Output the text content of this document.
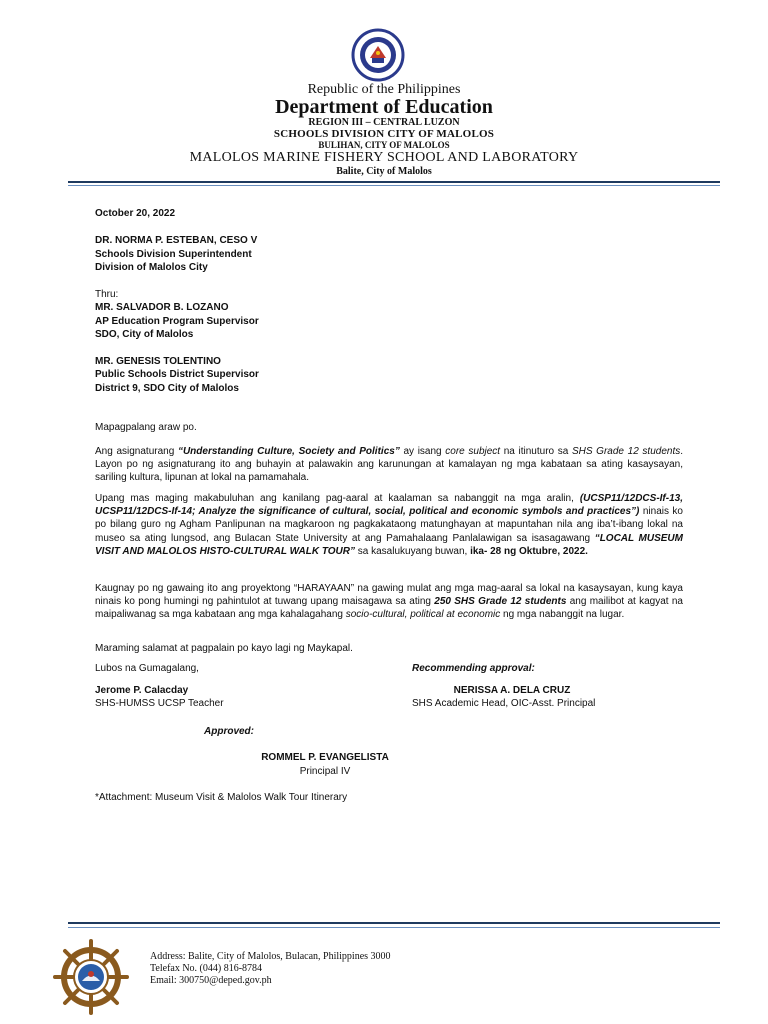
Republic of the Philippines
Department of Education
REGION III – CENTRAL LUZON
SCHOOLS DIVISION CITY OF MALOLOS
BULIHAN, CITY OF MALOLOS
MALOLOS MARINE FISHERY SCHOOL AND LABORATORY
Balite, City of Malolos
October 20, 2022
DR. NORMA P. ESTEBAN, CESO V
Schools Division Superintendent
Division of Malolos City
Thru:
MR. SALVADOR B. LOZANO
AP Education Program Supervisor
SDO, City of Malolos
MR. GENESIS TOLENTINO
Public Schools District Supervisor
District 9, SDO City of Malolos
Mapagpalang araw po.
Ang asignaturang “Understanding Culture, Society and Politics” ay isang core subject na itinuturo sa SHS Grade 12 students. Layon po ng asignaturang ito ang buhayin at palawakin ang karunungan at kamalayan ng mga kabataan sa ating kasaysayan, sariling kultura, lipunan at lokal na pamamahala.
Upang mas maging makabuluhan ang kanilang pag-aaral at kaalaman sa nabanggit na mga aralin, (UCSP11/12DCS-If-13, UCSP11/12DCS-If-14; Analyze the significance of cultural, social, political and economic symbols and practices”) ninais ko po bilang guro ng Agham Panlipunan na magkaroon ng pagkakataong matunghayan at mapuntahan nila ang iba’t-ibang lokal na museo sa ating lungsod, ang Bulacan State University at ang Pamahalaang Panlalawigan sa isasagawang “LOCAL MUSEUM VISIT AND MALOLOS HISTO-CULTURAL WALK TOUR” sa kasalukuyang buwan, ika- 28 ng Oktubre, 2022.
Kaugnay po ng gawaing ito ang proyektong “HARAYAAN” na gawing mulat ang mga mag-aaral sa lokal na kasaysayan, kung kaya ninais ko pong humingi ng pahintulot at tuwang upang maisagawa sa ating 250 SHS Grade 12 students ang mailibot at kagyat na maipaliwanag sa mga kabataan ang mga kahalagahang socio-cultural, political at economic ng mga nabanggit na lugar.
Maraming salamat at pagpalain po kayo lagi ng Maykapal.
Lubos na Gumagalang,	Recommending approval:
Jerome P. Calacday
SHS-HUMSS UCSP Teacher
NERISSA A. DELA CRUZ
SHS Academic Head, OIC-Asst. Principal
Approved:
ROMMEL P. EVANGELISTA
Principal IV
*Attachment: Museum Visit & Malolos Walk Tour Itinerary
Address: Balite, City of Malolos, Bulacan, Philippines 3000
Telefax No. (044) 816-8784
Email: 300750@deped.gov.ph
